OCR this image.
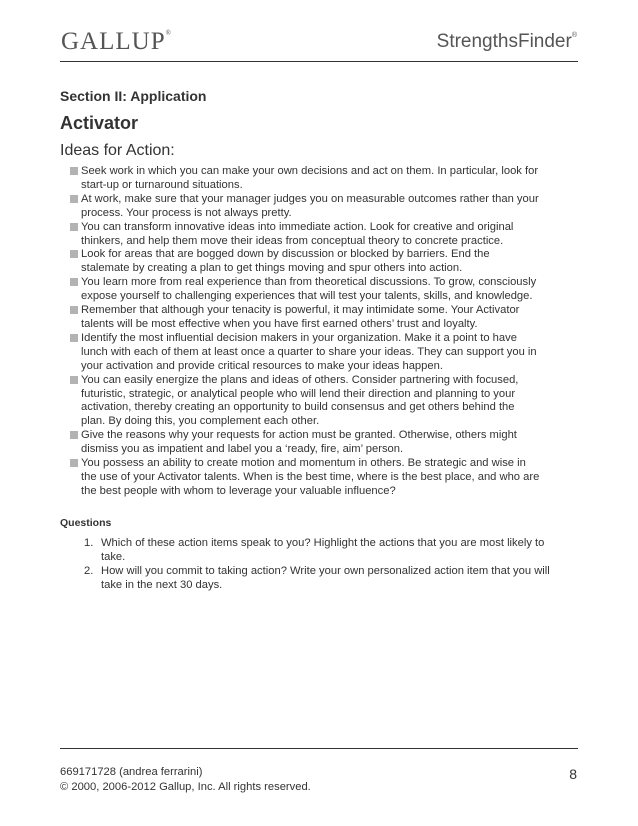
GALLUP®	StrengthsFinder®
Section II: Application
Activator
Ideas for Action:
Seek work in which you can make your own decisions and act on them. In particular, look for start-up or turnaround situations.
At work, make sure that your manager judges you on measurable outcomes rather than your process. Your process is not always pretty.
You can transform innovative ideas into immediate action. Look for creative and original thinkers, and help them move their ideas from conceptual theory to concrete practice.
Look for areas that are bogged down by discussion or blocked by barriers. End the stalemate by creating a plan to get things moving and spur others into action.
You learn more from real experience than from theoretical discussions. To grow, consciously expose yourself to challenging experiences that will test your talents, skills, and knowledge.
Remember that although your tenacity is powerful, it may intimidate some. Your Activator talents will be most effective when you have first earned others’ trust and loyalty.
Identify the most influential decision makers in your organization. Make it a point to have lunch with each of them at least once a quarter to share your ideas. They can support you in your activation and provide critical resources to make your ideas happen.
You can easily energize the plans and ideas of others. Consider partnering with focused, futuristic, strategic, or analytical people who will lend their direction and planning to your activation, thereby creating an opportunity to build consensus and get others behind the plan. By doing this, you complement each other.
Give the reasons why your requests for action must be granted. Otherwise, others might dismiss you as impatient and label you a ‘ready, fire, aim’ person.
You possess an ability to create motion and momentum in others. Be strategic and wise in the use of your Activator talents. When is the best time, where is the best place, and who are the best people with whom to leverage your valuable influence?
Questions
1. Which of these action items speak to you? Highlight the actions that you are most likely to take.
2. How will you commit to taking action? Write your own personalized action item that you will take in the next 30 days.
669171728 (andrea ferrarini)
© 2000, 2006-2012 Gallup, Inc. All rights reserved.
8
